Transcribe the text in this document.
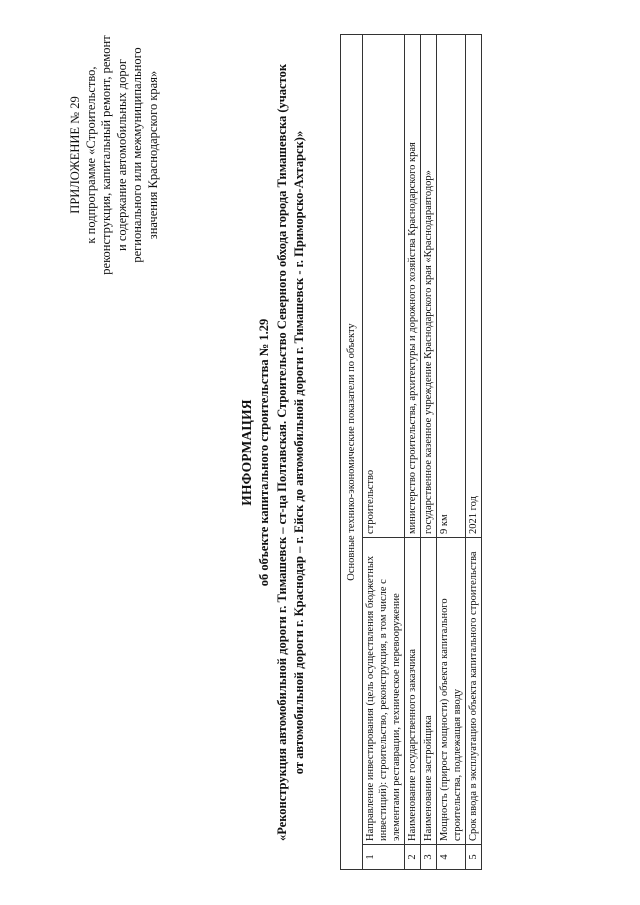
ПРИЛОЖЕНИЕ № 29 к подпрограмме «Строительство, реконструкция, капитальный ремонт, ремонт и содержание автомобильных дорог регионального или межмуниципального значения Краснодарского края»
ИНФОРМАЦИЯ об объекте капитального строительства № 1.29 «Реконструкция автомобильной дороги г. Тимашевск – ст-ца Полтавская. Строительство Северного обхода города Тимашевска (участок от автомобильной дороги г. Краснодар – г. Ейск до автомобильной дороги г. Тимашевск - г. Приморско-Ахтарск)»	Основные технико-экономические показатели по объекту		
1	Направление инвестирования (цель осуществления бюджетных инвестиций): строительство, реконструкция, в том числе с элементами реставрации, техническое перевооружение	строительство
2	Наименование государственного заказчика	министерство строительства, архитектуры и дорожного хозяйства Краснодарского края
3	Наименование застройщика	государственное казенное учреждение Краснодарского края «Краснодаравтодор»
4	Мощность (прирост мощности) объекта капитального строительства, подлежащая вводу	9 км
5	Срок ввода в эксплуатацию объекта капитального строительства	2021 год
